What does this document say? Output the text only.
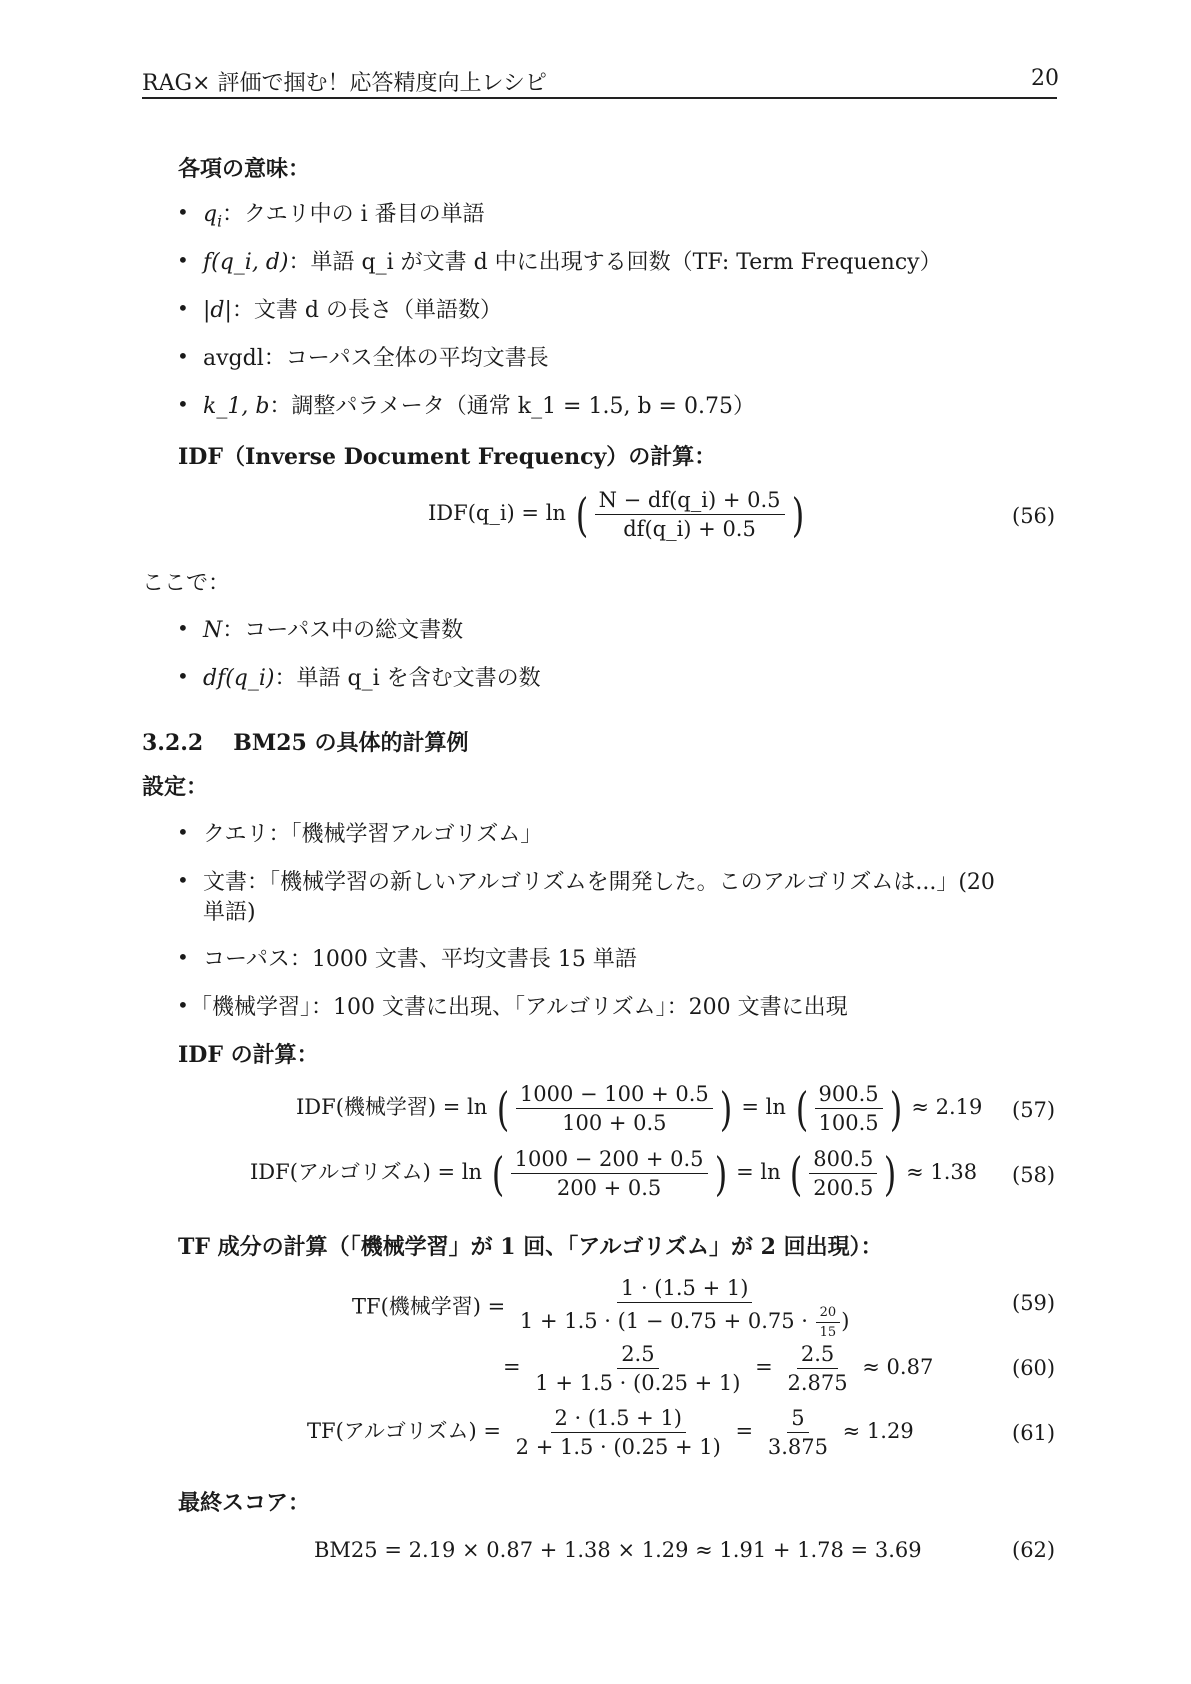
RAG× 評価で掴む！応答精度向上レシピ	20
各項の意味：
• $q_i$：クエリ中の i 番目の単語
• f(q_i, d)：単語 q_i が文書 d 中に出現する回数（TF: Term Frequency）
• |d|：文書 d の長さ（単語数）
• avgdl：コーパス全体の平均文書長
• k_1, b：調整パラメータ（通常 k_1 = 1.5, b = 0.75）
IDF（Inverse Document Frequency）の計算：
IDF(q_i) = ln ( $\frac{N - df(q\_i) + 0.5}{df(q\_i) + 0.5}$ )	(56)
ここで：
• N：コーパス中の総文書数
• df(q_i)：単語 q_i を含む文書の数
3.2.2 BM25 の具体的計算例
設定：
• クエリ：「機械学習アルゴリズム」
• 文書：「機械学習の新しいアルゴリズムを開発した。このアルゴリズムは...」(20
単語)
• コーパス：1000 文書、平均文書長 15 単語
• 「機械学習」：100 文書に出現、「アルゴリズム」：200 文書に出現
IDF の計算：
IDF(機械学習) = ln ( $\frac{1000 - 100 + 0.5}{100 + 0.5}$ ) = ln ( $\frac{900.5}{100.5}$ ) ≈ 2.19 (57)
IDF(アルゴリズム) = ln ( $\frac{1000 - 200 + 0.5}{200 + 0.5}$ ) = ln ( $\frac{800.5}{200.5}$ ) ≈ 1.38 (58)
TF 成分の計算（「機械学習」が 1 回、「アルゴリズム」が 2 回出現）：
TF(機械学習) = $\frac{1 \cdot (1.5 + 1)}{1 + 1.5 \cdot (1 - 0.75 + 0.75 \cdot \frac{20}{15} )}$	(59)
= $\frac{2.5}{1 + 1.5 \cdot (0.25 + 1)} = \frac{2.5}{2.875} \approx 0.87$	(60)
TF(アルゴリズム) = $\frac{2 \cdot (1.5 + 1)}{2 + 1.5 \cdot (0.25 + 1)} = \frac{5}{3.875} \approx 1.29$	(61)
最終スコア：
BM25 = 2.19 × 0.87 + 1.38 × 1.29 ≈ 1.91 + 1.78 = 3.69	(62)
